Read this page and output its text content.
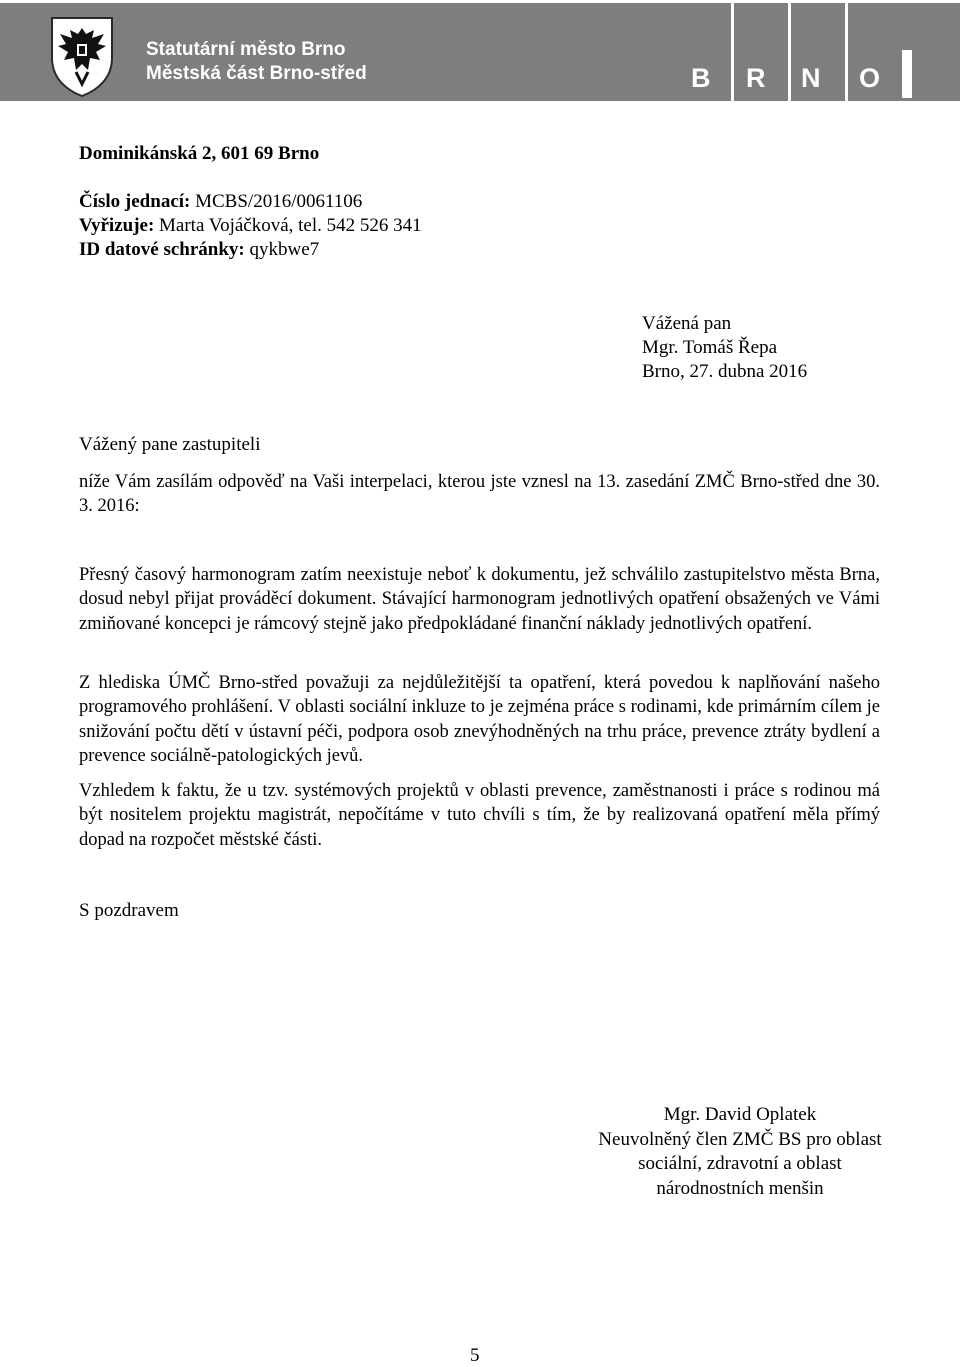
Statutární město Brno
Městská část Brno-střed	B R N O
Dominikánská 2, 601 69 Brno
Číslo jednací: MCBS/2016/0061106
Vyřizuje: Marta Vojáčková, tel. 542 526 341
ID datové schránky: qykbwe7
Vážená pan
Mgr. Tomáš Řepa
Brno, 27. dubna 2016
Vážený pane zastupiteli
níže Vám zasílám odpověď na Vaši interpelaci, kterou jste vznesl na 13. zasedání ZMČ Brno-střed dne 30. 3. 2016:
Přesný časový harmonogram zatím neexistuje neboť k dokumentu, jež schválilo zastupitelstvo města Brna, dosud nebyl přijat prováděcí dokument. Stávající harmonogram jednotlivých opatření obsažených ve Vámi zmiňované koncepci je rámcový stejně jako předpokládané finanční náklady jednotlivých opatření.
Z hlediska ÚMČ Brno-střed považuji za nejdůležitější ta opatření, která povedou k naplňování našeho programového prohlášení. V oblasti sociální inkluze to je zejména práce s rodinami, kde primárním cílem je snižování počtu dětí v ústavní péči, podpora osob znevýhodněných na trhu práce, prevence ztráty bydlení a prevence sociálně-patologických jevů.
Vzhledem k faktu, že u tzv. systémových projektů v oblasti prevence, zaměstnanosti i práce s rodinou má být nositelem projektu magistrát, nepočítáme v tuto chvíli s tím, že by realizovaná opatření měla přímý dopad na rozpočet městské části.
S pozdravem
Mgr. David Oplatek
Neuvolněný člen ZMČ BS pro oblast
sociální, zdravotní a oblast
národnostních menšin
5
